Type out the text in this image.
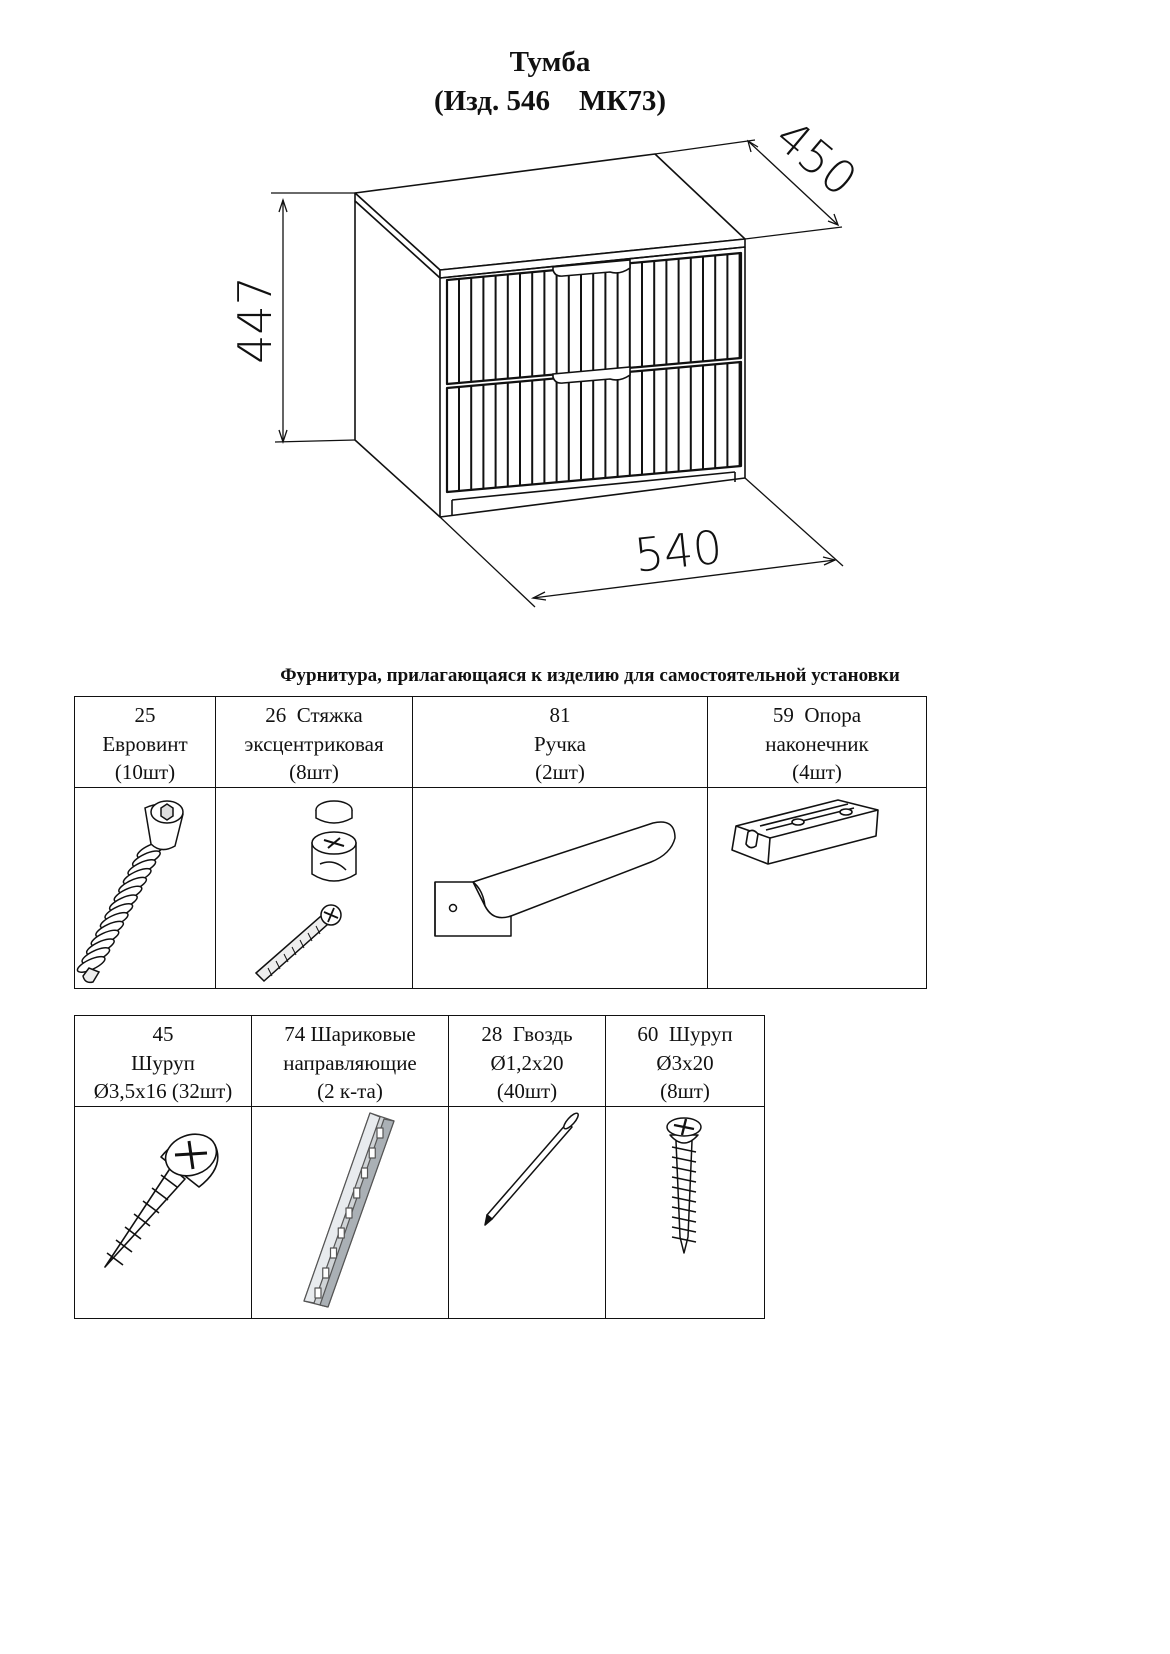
Тумба
(Изд. 546    МК73)
447
450
540
Фурнитура, прилагающаяся к изделию для самостоятельной установки
25
Евровинт
(10шт)	26  Стяжка
эксцентриковая
(8шт)	81
Ручка
(2шт)	59  Опора
наконечник
(4шт)

45
Шуруп
Ø3,5х16 (32шт)	74 Шариковые
направляющие
(2 к-та)	28  Гвоздь
Ø1,2х20
(40шт)	60  Шуруп
Ø3х20
(8шт)
